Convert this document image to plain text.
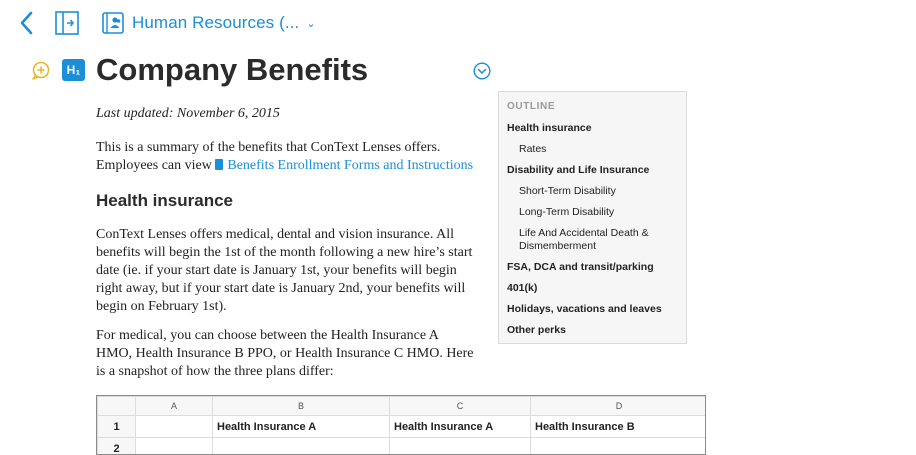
Human Resources (... ⌄
H₁ Company Benefits
Last updated: November 6, 2015
This is a summary of the benefits that ConText Lenses offers. Employees can view Benefits Enrollment Forms and Instructions
Health insurance
ConText Lenses offers medical, dental and vision insurance. All benefits will begin the 1st of the month following a new hire’s start date (ie. if your start date is January 1st, your benefits will begin right away, but if your start date is January 2nd, your benefits will begin on February 1st).
For medical, you can choose between the Health Insurance A HMO, Health Insurance B PPO, or Health Insurance C HMO. Here is a snapshot of how the three plans differ:
OUTLINE
Health insurance
Rates
Disability and Life Insurance
Short-Term Disability
Long-Term Disability
Life And Accidental Death & Dismemberment
FSA, DCA and transit/parking
401(k)
Holidays, vacations and leaves
Other perks
	A	B	C	D
1		Health Insurance A	Health Insurance A	Health Insurance B
2				
